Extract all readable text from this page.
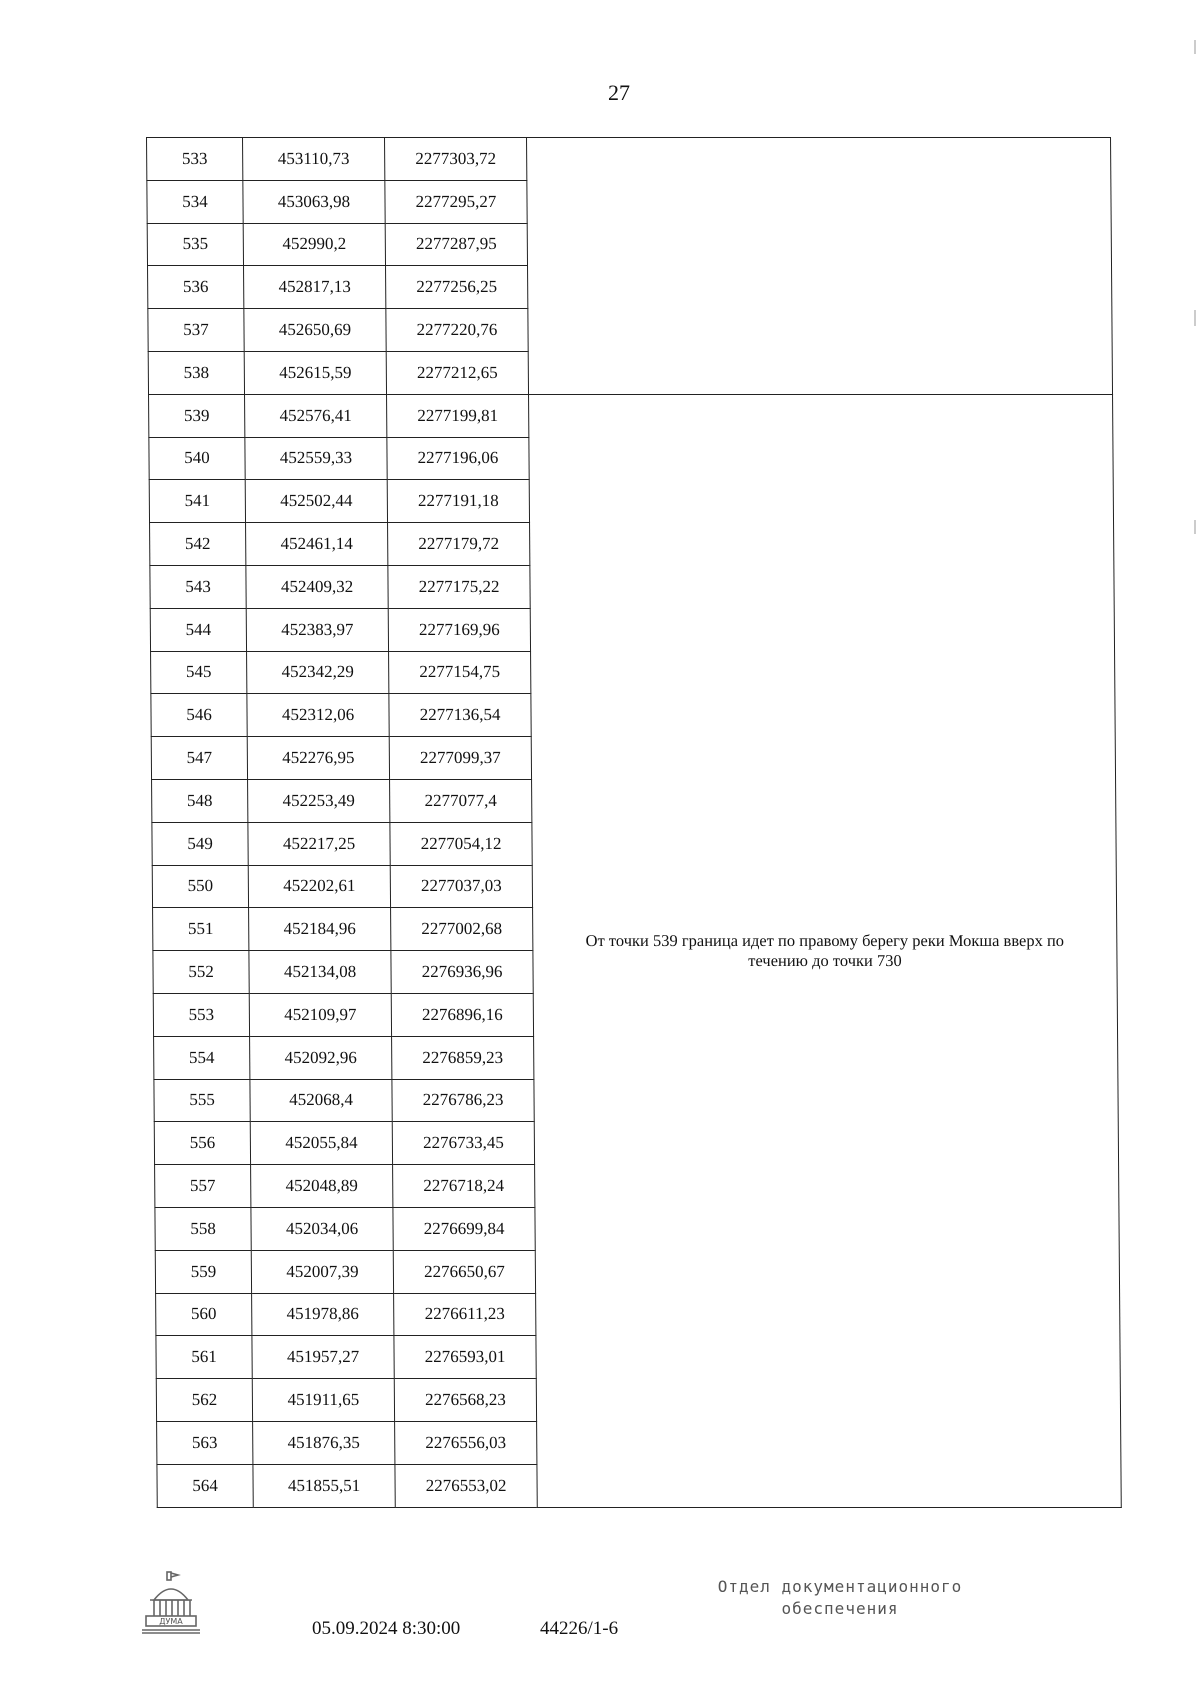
27
533	453110,73	2277303,72	
534	453063,98	2277295,27	
535	452990,2	2277287,95	
536	452817,13	2277256,25	
537	452650,69	2277220,76	
538	452615,59	2277212,65	
539	452576,41	2277199,81	От точки 539 граница идет по правому берегу реки Мокша вверх по течению до точки 730
540	452559,33	2277196,06	
541	452502,44	2277191,18	
542	452461,14	2277179,72	
543	452409,32	2277175,22	
544	452383,97	2277169,96	
545	452342,29	2277154,75	
546	452312,06	2277136,54	
547	452276,95	2277099,37	
548	452253,49	2277077,4	
549	452217,25	2277054,12	
550	452202,61	2277037,03	
551	452184,96	2277002,68	
552	452134,08	2276936,96	
553	452109,97	2276896,16	
554	452092,96	2276859,23	
555	452068,4	2276786,23	
556	452055,84	2276733,45	
557	452048,89	2276718,24	
558	452034,06	2276699,84	
559	452007,39	2276650,67	
560	451978,86	2276611,23	
561	451957,27	2276593,01	
562	451911,65	2276568,23	
563	451876,35	2276556,03	
564	451855,51	2276553,02	
ДУМА	05.09.2024 8:30:00	44226/1-6
Отдел документационного
обеспечения
